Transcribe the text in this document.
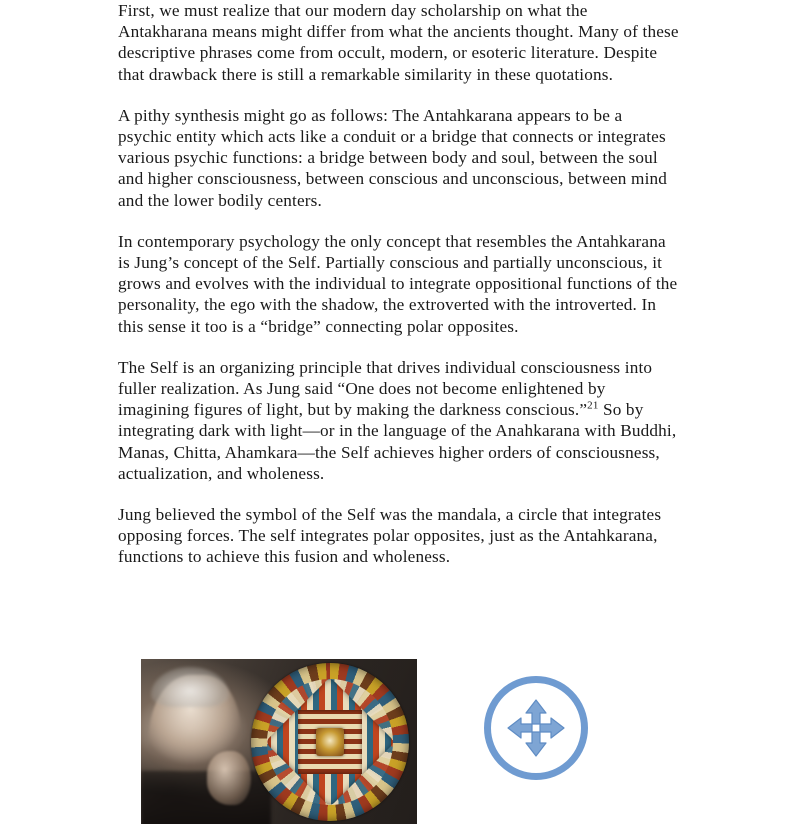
First, we must realize that our modern day scholarship on what the Antakharana means might differ from what the ancients thought. Many of these descriptive phrases come from occult, modern, or esoteric literature. Despite that drawback there is still a remarkable similarity in these quotations.

A pithy synthesis might go as follows: The Antahkarana appears to be a psychic entity which acts like a conduit or a bridge that connects or integrates various psychic functions: a bridge between body and soul, between the soul and higher consciousness, between conscious and unconscious, between mind and the lower bodily centers.

In contemporary psychology the only concept that resembles the Antahkarana is Jung’s concept of the Self. Partially conscious and partially unconscious, it grows and evolves with the individual to integrate oppositional functions of the personality, the ego with the shadow, the extroverted with the introverted. In this sense it too is a “bridge” connecting polar opposites.

The Self is an organizing principle that drives individual consciousness into fuller realization. As Jung said “One does not become enlightened by imagining figures of light, but by making the darkness conscious.”$^{21}$ So by integrating dark with light—or in the language of the Anahkarana with Buddhi, Manas, Chitta, Ahamkara—the Self achieves higher orders of consciousness, actualization, and wholeness.

Jung believed the symbol of the Self was the mandala, a circle that integrates opposing forces. The self integrates polar opposites, just as the Antahkarana, functions to achieve this fusion and wholeness.
